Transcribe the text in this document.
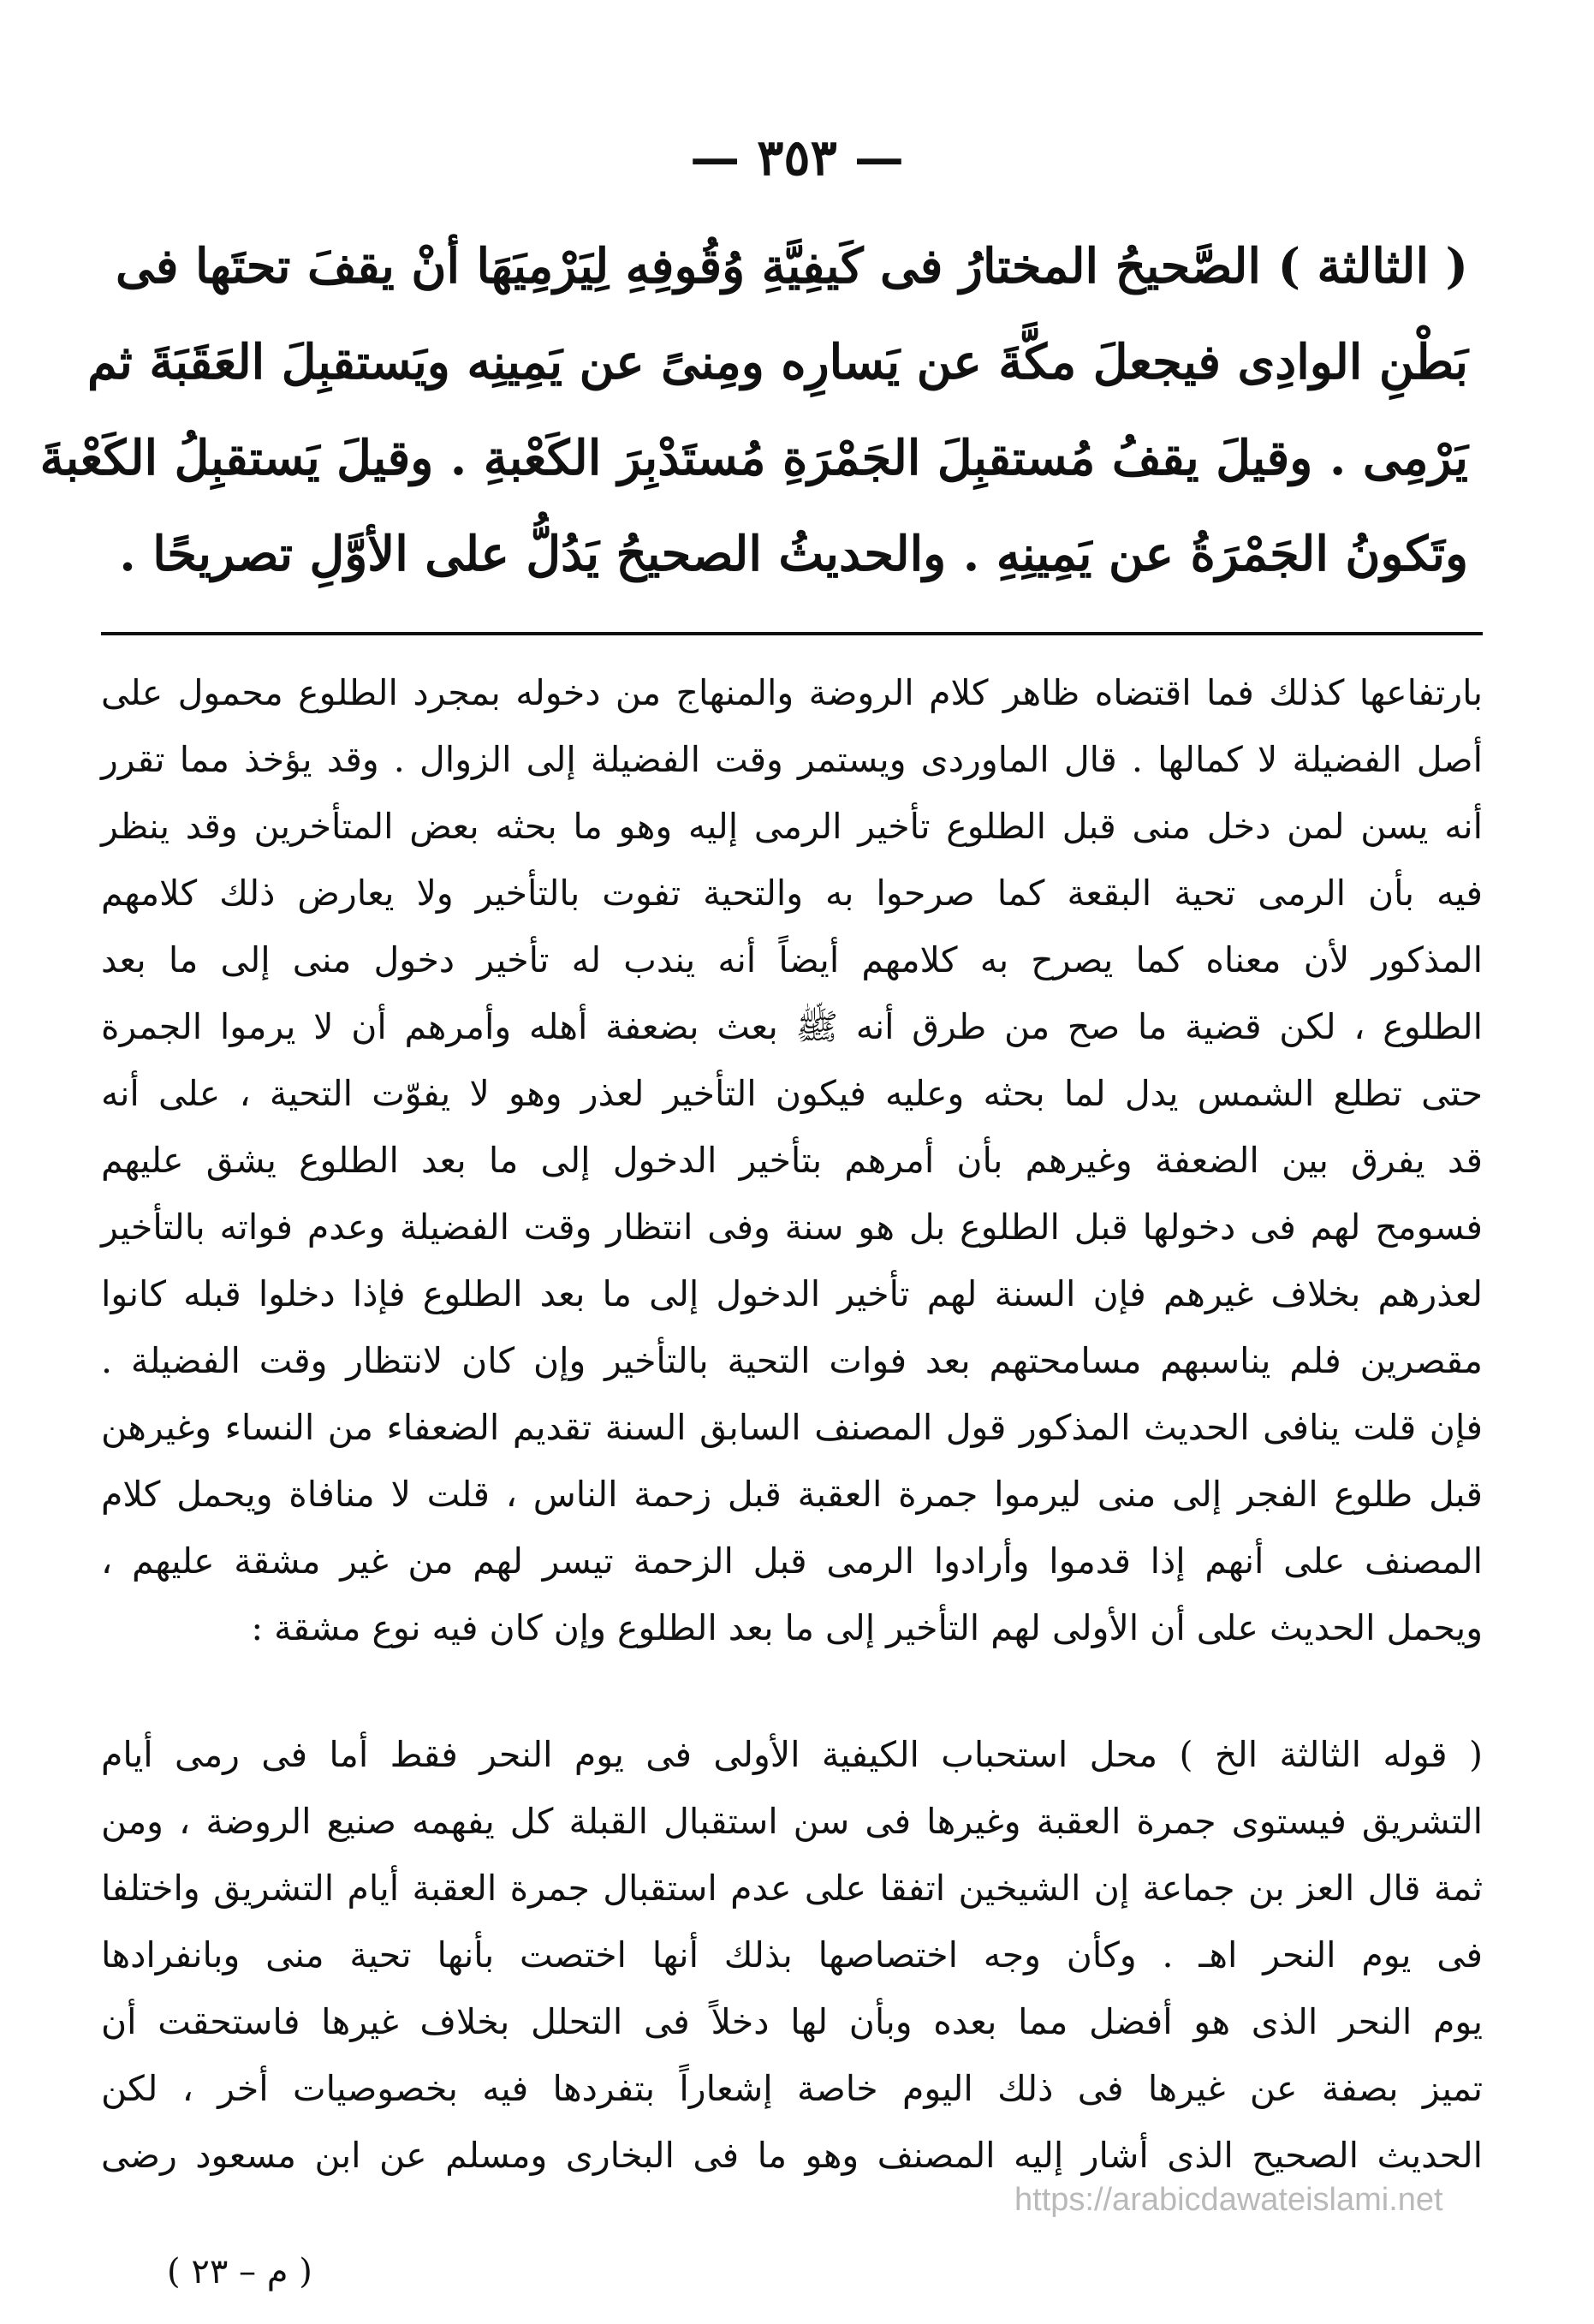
— ٣٥٣ —
( الثالثة ) الصَّحيحُ المختارُ فى كَيفِيَّةِ وُقُوفِهِ لِيَرْمِيَهَا أنْ يقفَ تحتَها فى
بَطْنِ الوادِى فيجعلَ مكَّةَ عن يَسارِه ومِنىً عن يَمِينِه ويَستقبِلَ العَقَبَةَ ثم
يَرْمِى . وقيلَ يقفُ مُستقبِلَ الجَمْرَةِ مُستَدْبِرَ الكَعْبةِ . وقيلَ يَستقبِلُ الكَعْبةَ
وتَكونُ الجَمْرَةُ عن يَمِينِهِ . والحديثُ الصحيحُ يَدُلُّ على الأوَّلِ تصريحًا .
بارتفاعها كذلك فما اقتضاه ظاهر كلام الروضة والمنهاج من دخوله بمجرد الطلوع محمول على
أصل الفضيلة لا كمالها . قال الماوردى ويستمر وقت الفضيلة إلى الزوال . وقد يؤخذ مما تقرر
أنه يسن لمن دخل منى قبل الطلوع تأخير الرمى إليه وهو ما بحثه بعض المتأخرين وقد ينظر
فيه بأن الرمى تحية البقعة كما صرحوا به والتحية تفوت بالتأخير ولا يعارض ذلك كلامهم
المذكور لأن معناه كما يصرح به كلامهم أيضاً أنه يندب له تأخير دخول منى إلى ما بعد
الطلوع ، لكن قضية ما صح من طرق أنه ﷺ بعث بضعفة أهله وأمرهم أن لا يرموا الجمرة
حتى تطلع الشمس يدل لما بحثه وعليه فيكون التأخير لعذر وهو لا يفوّت التحية ، على أنه
قد يفرق بين الضعفة وغيرهم بأن أمرهم بتأخير الدخول إلى ما بعد الطلوع يشق عليهم
فسومح لهم فى دخولها قبل الطلوع بل هو سنة وفى انتظار وقت الفضيلة وعدم فواته بالتأخير
لعذرهم بخلاف غيرهم فإن السنة لهم تأخير الدخول إلى ما بعد الطلوع فإذا دخلوا قبله كانوا
مقصرين فلم يناسبهم مسامحتهم بعد فوات التحية بالتأخير وإن كان لانتظار وقت الفضيلة .
فإن قلت ينافى الحديث المذكور قول المصنف السابق السنة تقديم الضعفاء من النساء وغيرهن
قبل طلوع الفجر إلى منى ليرموا جمرة العقبة قبل زحمة الناس ، قلت لا منافاة ويحمل كلام
المصنف على أنهم إذا قدموا وأرادوا الرمى قبل الزحمة تيسر لهم من غير مشقة عليهم ،
ويحمل الحديث على أن الأولى لهم التأخير إلى ما بعد الطلوع وإن كان فيه نوع مشقة :
( قوله الثالثة الخ ) محل استحباب الكيفية الأولى فى يوم النحر فقط أما فى رمى أيام
التشريق فيستوى جمرة العقبة وغيرها فى سن استقبال القبلة كل يفهمه صنيع الروضة ، ومن
ثمة قال العز بن جماعة إن الشيخين اتفقا على عدم استقبال جمرة العقبة أيام التشريق واختلفا
فى يوم النحر اهـ . وكأن وجه اختصاصها بذلك أنها اختصت بأنها تحية منى وبانفرادها
يوم النحر الذى هو أفضل مما بعده وبأن لها دخلاً فى التحلل بخلاف غيرها فاستحقت أن
تميز بصفة عن غيرها فى ذلك اليوم خاصة إشعاراً بتفردها فيه بخصوصيات أخر ، لكن
الحديث الصحيح الذى أشار إليه المصنف وهو ما فى البخارى ومسلم عن ابن مسعود رضى
https://arabicdawateislami.net
( م – ٢٣ )
